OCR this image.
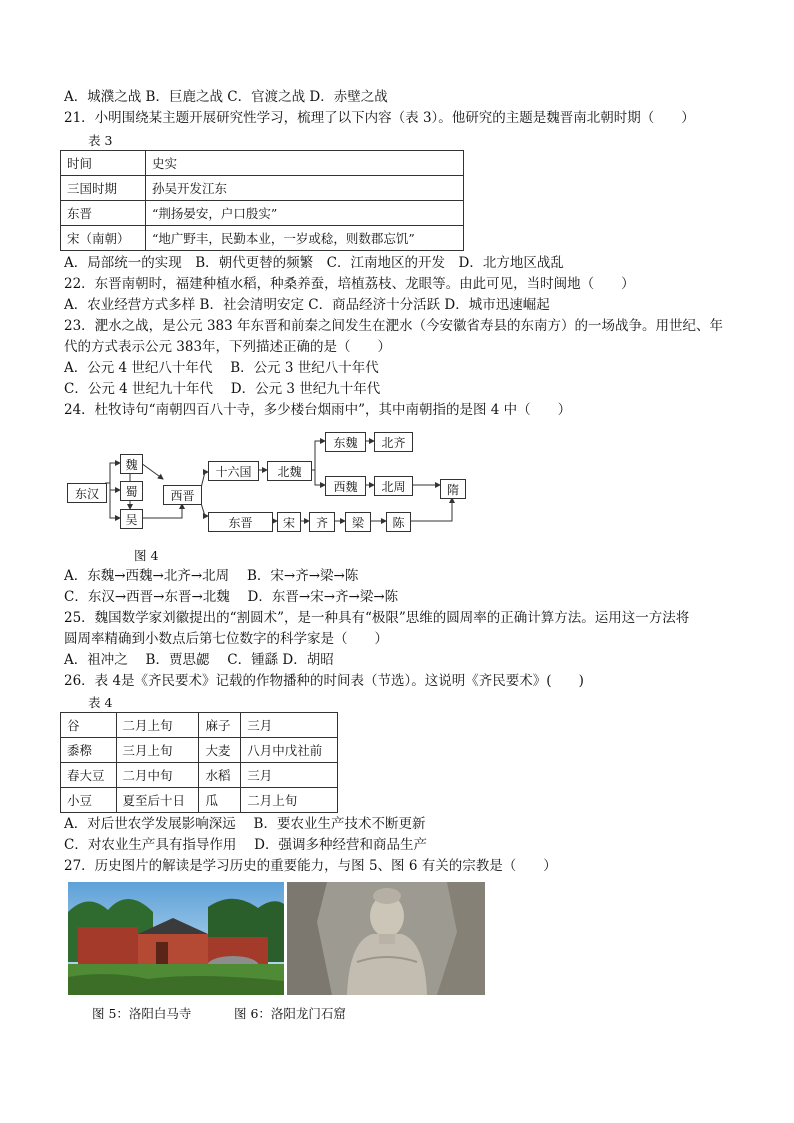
A．城濮之战 B．巨鹿之战 C．官渡之战 D．赤壁之战
21．小明围绕某主题开展研究性学习，梳理了以下内容（表 3）。他研究的主题是魏晋南北朝时期（　　）
表 3
时间	史实
三国时期	孙吴开发江东
东晋	“荆扬晏安，户口殷实”
宋（南朝）	“地广野丰，民勤本业，一岁或稔，则数郡忘饥”
A．局部统一的实现　B．朝代更替的频繁　C．江南地区的开发　D．北方地区战乱
22．东晋南朝时，福建种植水稻，种桑养蚕，培植荔枝、龙眼等。由此可见，当时闽地（　　）
A．农业经营方式多样 B．社会清明安定 C．商品经济十分活跃 D．城市迅速崛起
23．淝水之战，是公元 383 年东晋和前秦之间发生在淝水（今安徽省寿县的东南方）的一场战争。用世纪、年
代的方式表示公元 383年，下列描述正确的是（　　）
A．公元 4 世纪八十年代　 B．公元 3 世纪八十年代
C．公元 4 世纪九十年代　 D．公元 3 世纪九十年代
24．杜牧诗句“南朝四百八十寺，多少楼台烟雨中”，其中南朝指的是图 4 中（　　）
东汉
魏
蜀
吴
西晋
十六国	北魏
东魏	北齐
西魏	北周	隋
东晋	宋	齐	梁	陈
图 4
A．东魏→西魏→北齐→北周　 B．宋→齐→梁→陈
C．东汉→西晋→东晋→北魏　 D．东晋→宋→齐→梁→陈
25．魏国数学家刘徽提出的“割圆术”，是一种具有“极限”思维的圆周率的正确计算方法。运用这一方法将
圆周率精确到小数点后第七位数字的科学家是（　　）
A．祖冲之　 B．贾思勰　 C．锺繇 D．胡昭
26．表 4是《齐民要术》记载的作物播种的时间表（节选）。这说明《齐民要术》(　　)
表 4
谷	二月上旬	麻子	三月
黍穄	三月上旬	大麦	八月中戊社前
春大豆	二月中旬	水稻	三月
小豆	夏至后十日	瓜	二月上旬
A．对后世农学发展影响深远　 B．要农业生产技术不断更新
C．对农业生产具有指导作用　 D．强调多种经营和商品生产
27．历史图片的解读是学习历史的重要能力，与图 5、图 6 有关的宗教是（　　）
图 5：洛阳白马寺	图 6：洛阳龙门石窟
